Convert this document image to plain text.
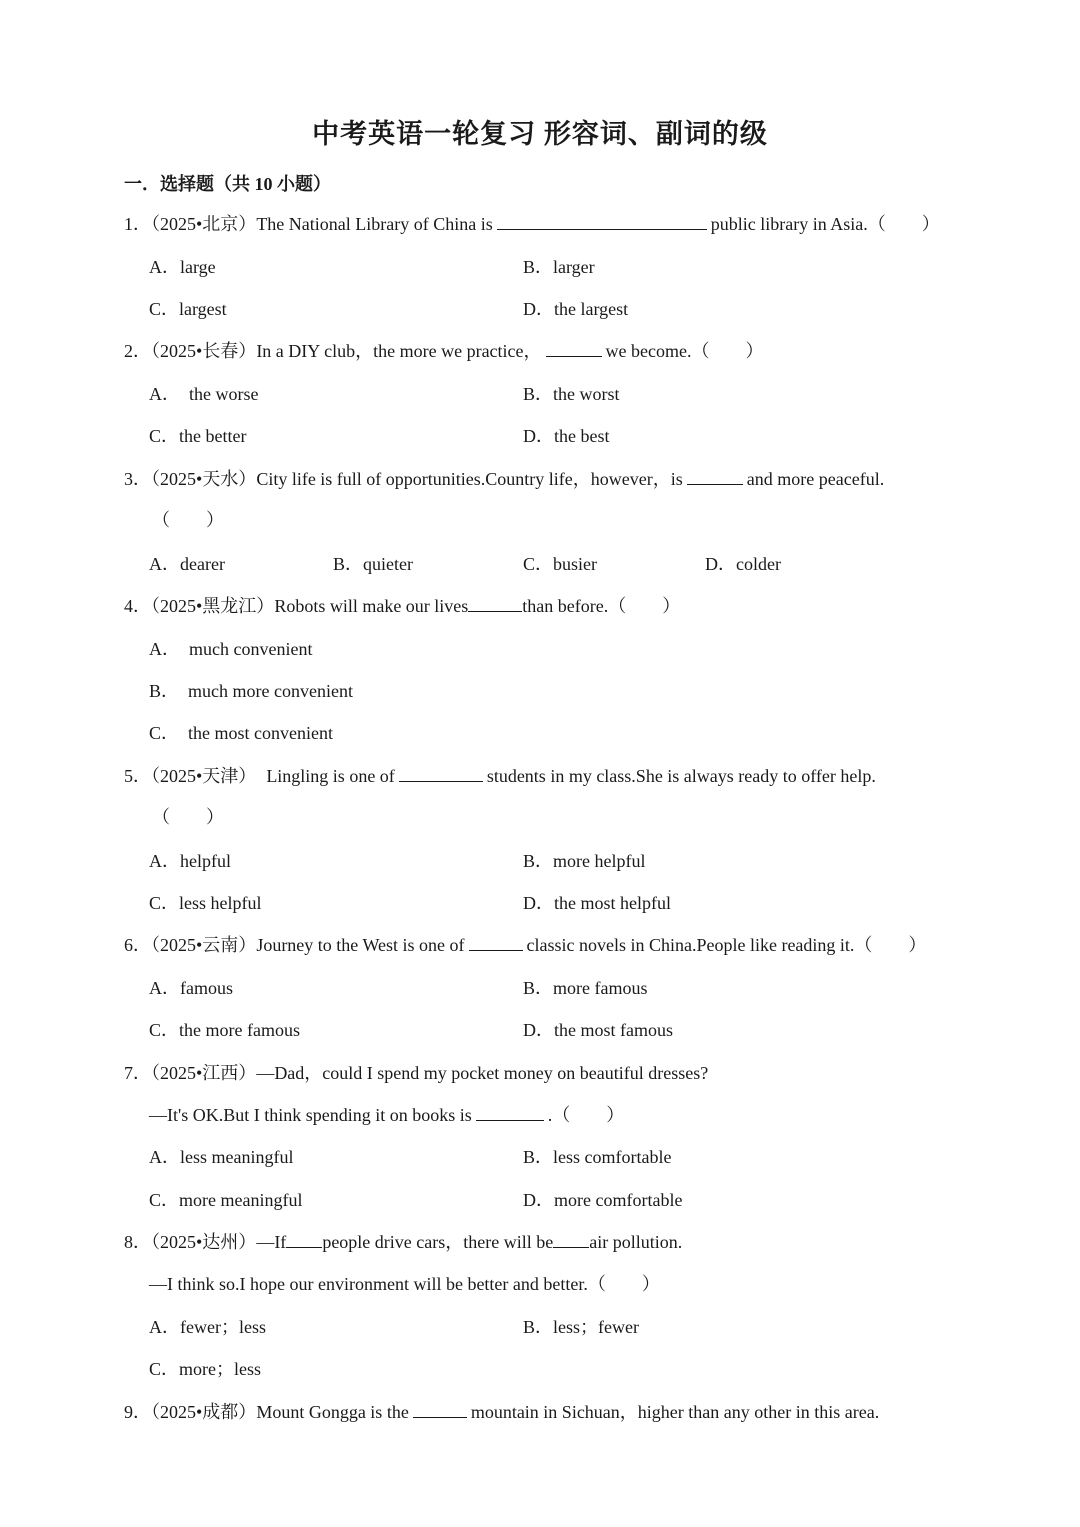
中考英语一轮复习 形容词、副词的级
一．选择题（共 10 小题）
1．（2025•北京）The National Library of China is	public library in Asia.（　　）
A．large	B．larger
C．largest	D．the largest
2．（2025•长春）In a DIY club，the more we practice，	we become.（　　）
A．　the worse	B．the worst
C．the better	D．the best
3．（2025•天水）City life is full of opportunities.Country life，however，is	and more peaceful.
（　　）
A．dearer	B．quieter	C．busier	D．colder
4．（2025•黑龙江）Robots will make our lives	than before.（　　）
A．　much convenient
B．　much more convenient
C．　the most convenient
5．（2025•天津） Lingling is one of	students in my class.She is always ready to offer help.
（　　）
A．helpful	B．more helpful
C．less helpful	D．the most helpful
6．（2025•云南）Journey to the West is one of	classic novels in China.People like reading it.（　　）
A．famous	B．more famous
C．the more famous	D．the most famous
7．（2025•江西）—Dad，could I spend my pocket money on beautiful dresses?
—It's OK.But I think spending it on books is	.（　　）
A．less meaningful	B．less comfortable
C．more meaningful	D．more comfortable
8．（2025•达州）—If people drive cars，there will be air pollution.
—I think so.I hope our environment will be better and better.（　　）
A．fewer；less	B．less；fewer
C．more；less
9．（2025•成都）Mount Gongga is the	mountain in Sichuan，higher than any other in this area.
